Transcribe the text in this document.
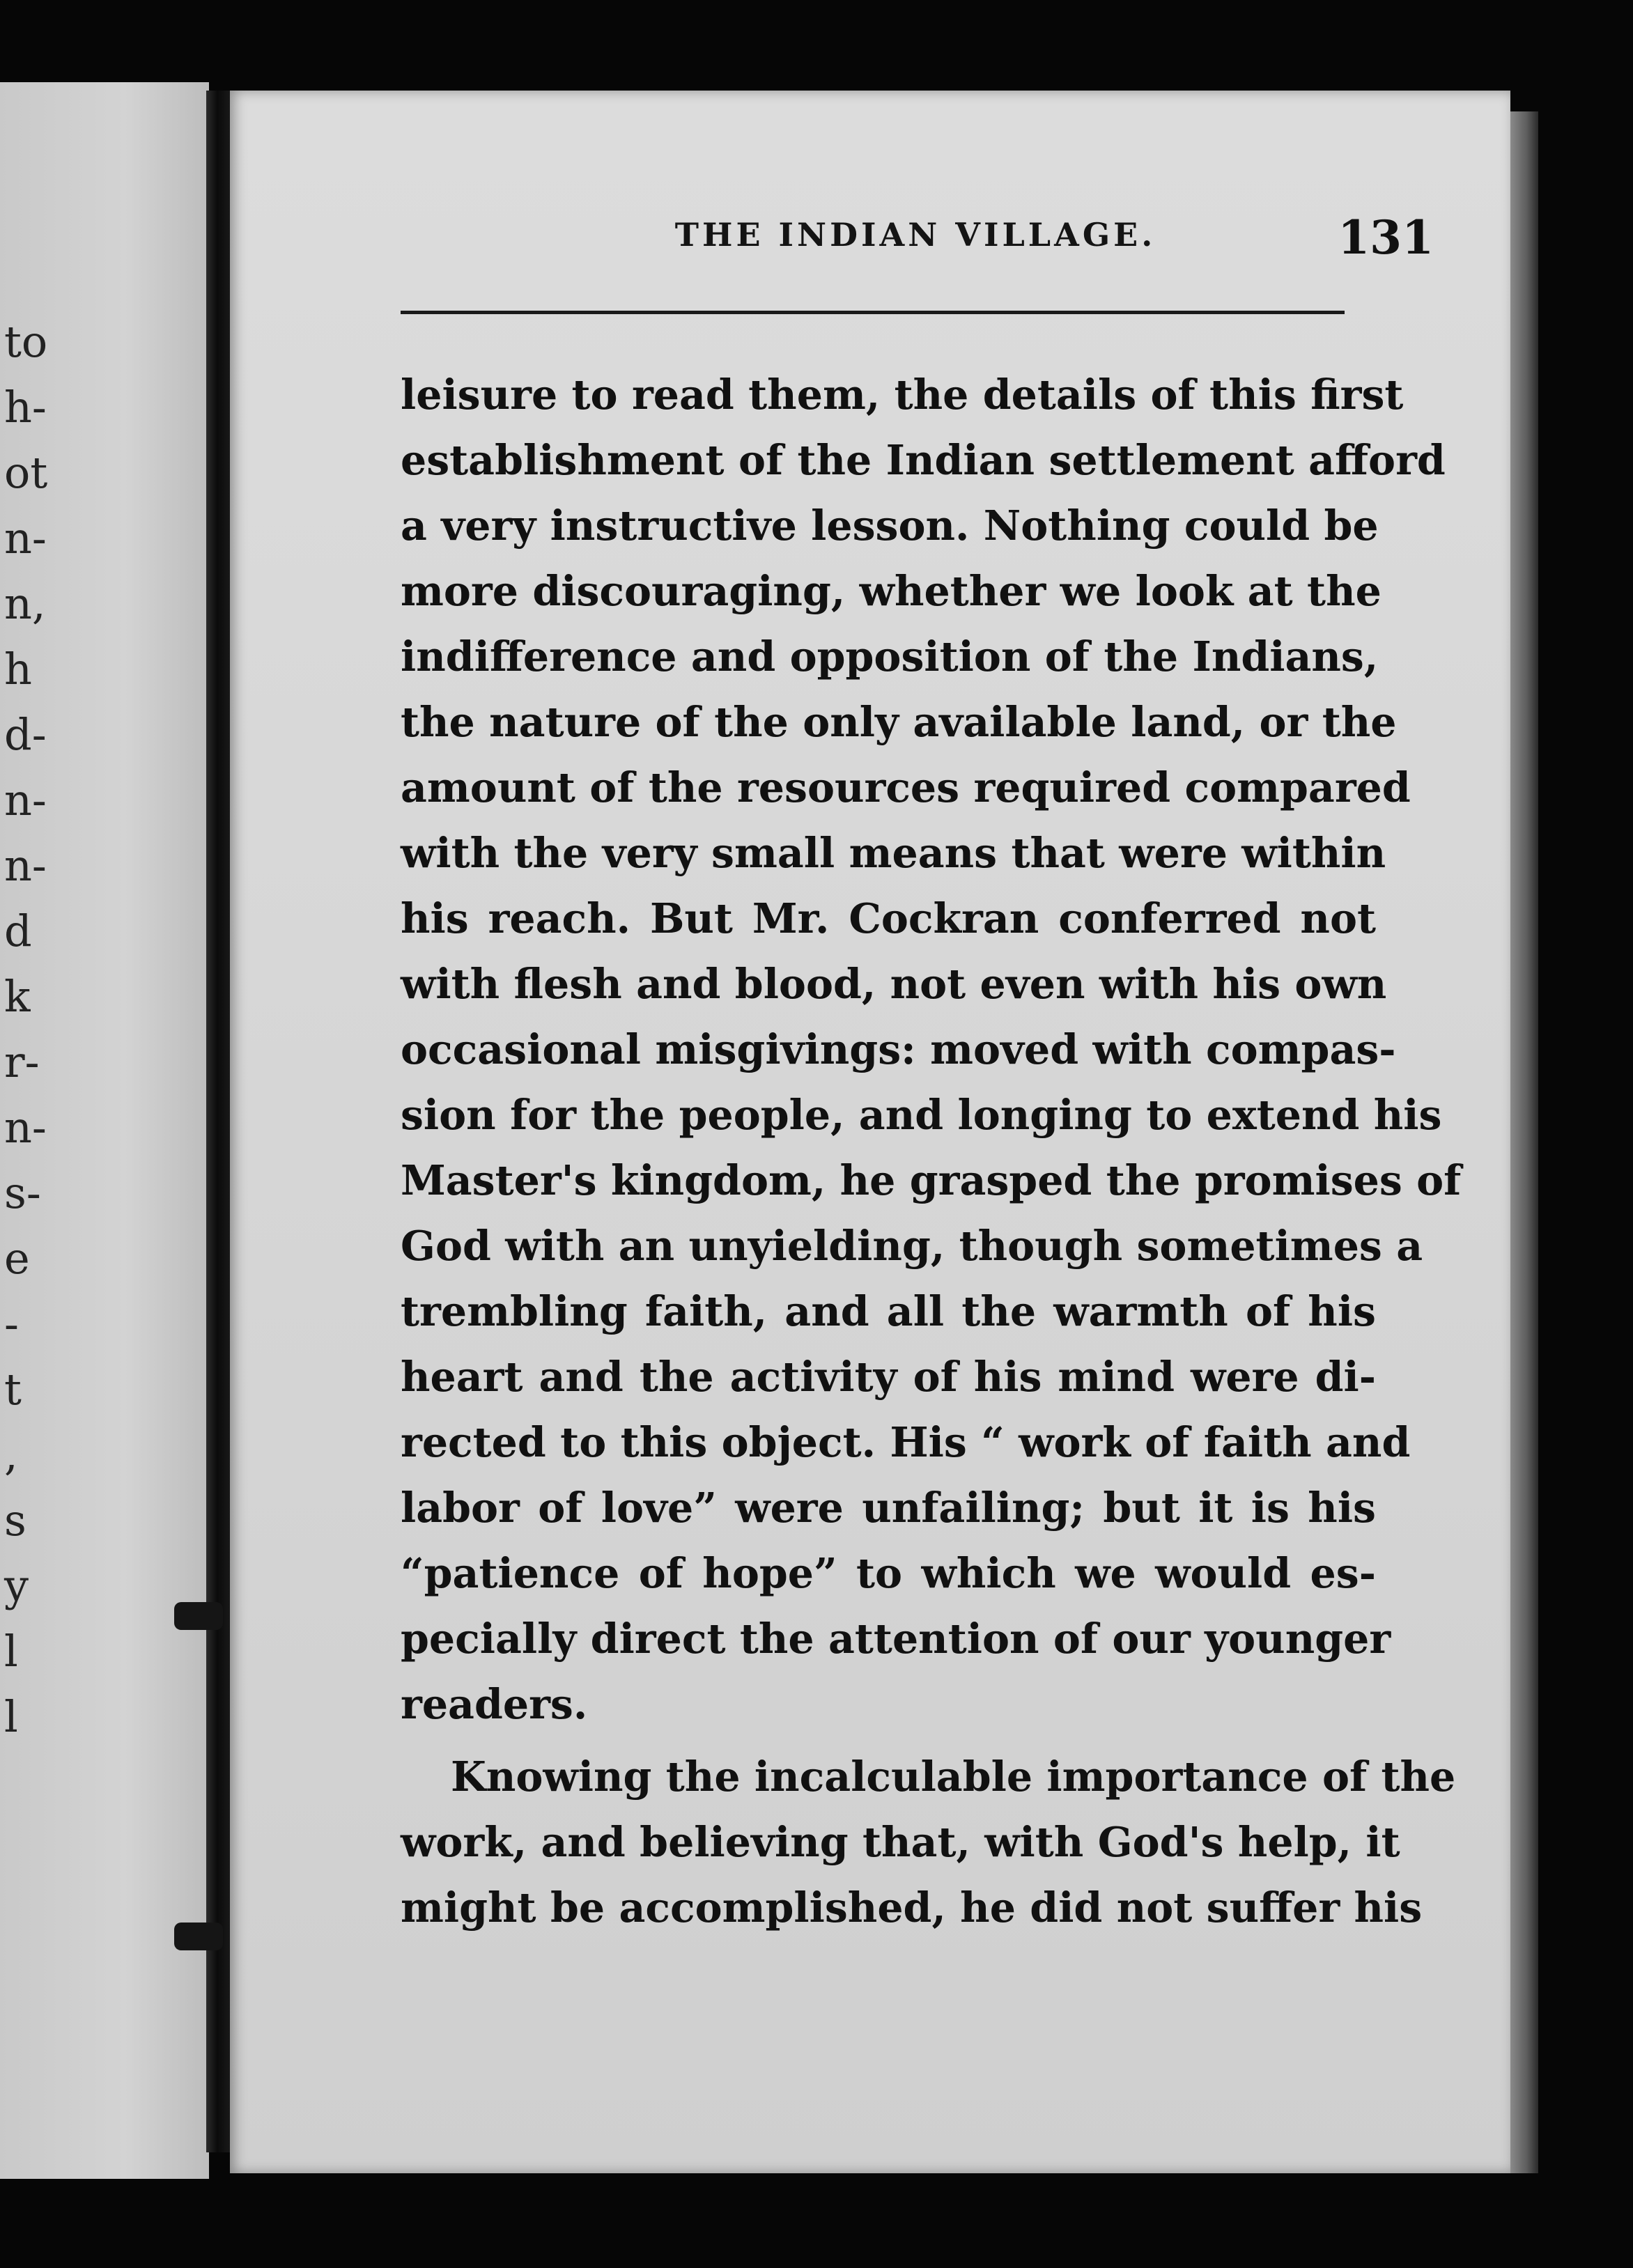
to
h-
ot
n-
n,
h
d-
n-
n-
d
k
r-
n-
s-
e
-
t
,
s
y
l
l
THE INDIAN VILLAGE.	131
leisure to read them, the details of this first
establishment of the Indian settlement afford
a very instructive lesson. Nothing could be
more discouraging, whether we look at the
indifference and opposition of the Indians,
the nature of the only available land, or the
amount of the resources required compared
with the very small means that were within
his reach. But Mr. Cockran conferred not
with flesh and blood, not even with his own
occasional misgivings: moved with compas-
sion for the people, and longing to extend his
Master's kingdom, he grasped the promises of
God with an unyielding, though sometimes a
trembling faith, and all the warmth of his
heart and the activity of his mind were di-
rected to this object. His “ work of faith and
labor of love” were unfailing; but it is his
“patience of hope” to which we would es-
pecially direct the attention of our younger
readers.
Knowing the incalculable importance of the
work, and believing that, with God's help, it
might be accomplished, he did not suffer his
